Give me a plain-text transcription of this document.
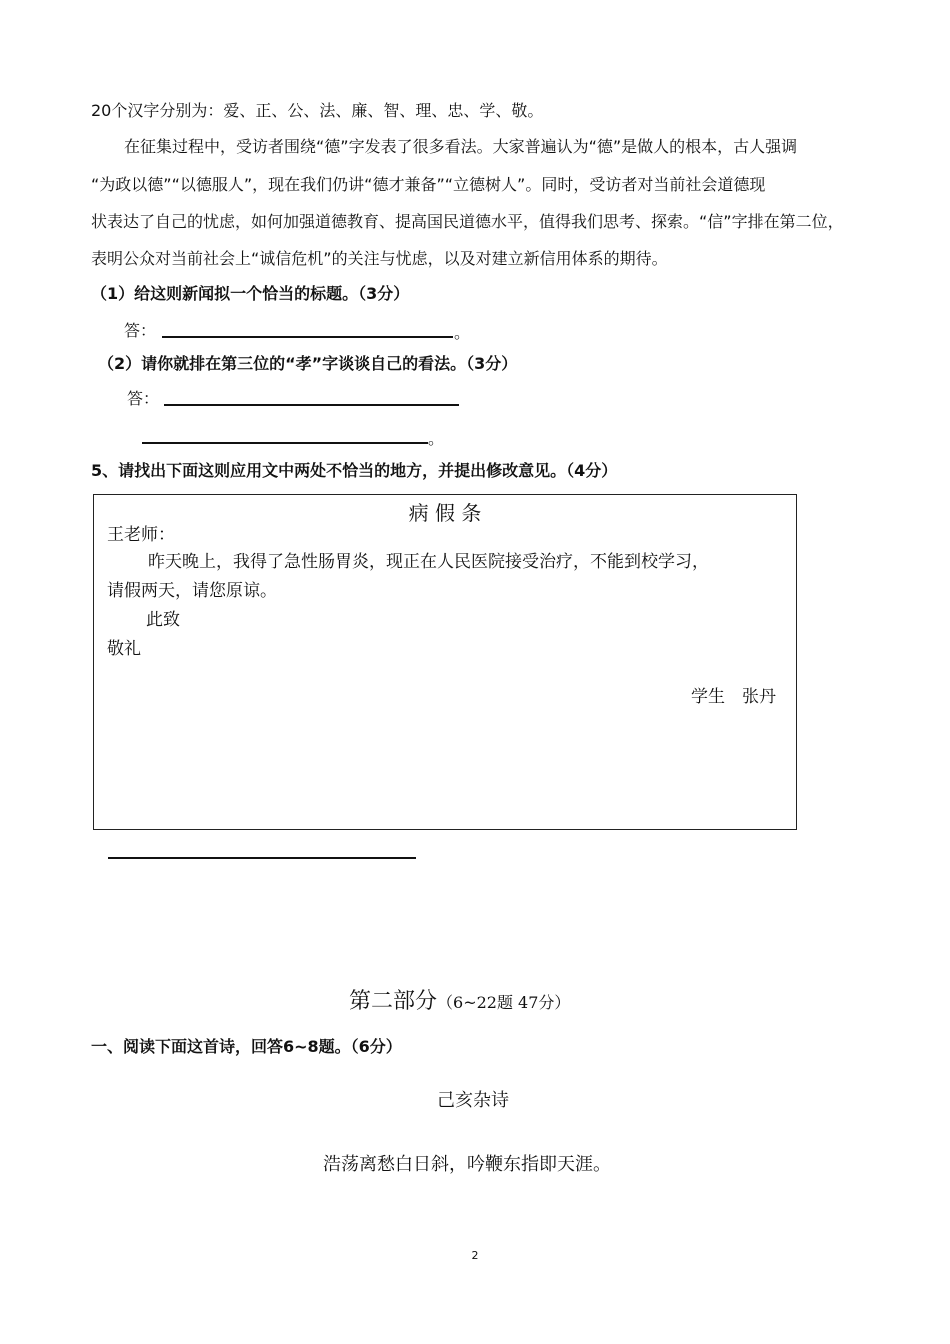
20个汉字分别为：爱、正、公、法、廉、智、理、忠、学、敬。
在征集过程中，受访者围绕“德”字发表了很多看法。大家普遍认为“德”是做人的根本，古人强调
“为政以德”“以德服人”，现在我们仍讲“德才兼备”“立德树人”。同时，受访者对当前社会道德现
状表达了自己的忧虑，如何加强道德教育、提高国民道德水平，值得我们思考、探索。“信”字排在第二位，
表明公众对当前社会上“诚信危机”的关注与忧虑，以及对建立新信用体系的期待。
（1）给这则新闻拟一个恰当的标题。（3分）
答：	。
（2）请你就排在第三位的“孝”字谈谈自己的看法。（3分）
答：
。
5、请找出下面这则应用文中两处不恰当的地方，并提出修改意见。（4分）
病 假 条
王老师：
昨天晚上，我得了急性肠胃炎，现正在人民医院接受治疗，不能到校学习，
请假两天，请您原谅。
此致
敬礼
学生　张丹
第二部分（6~22题 47分）
一、阅读下面这首诗，回答6~8题。（6分）
己亥杂诗
浩荡离愁白日斜，吟鞭东指即天涯。
2
